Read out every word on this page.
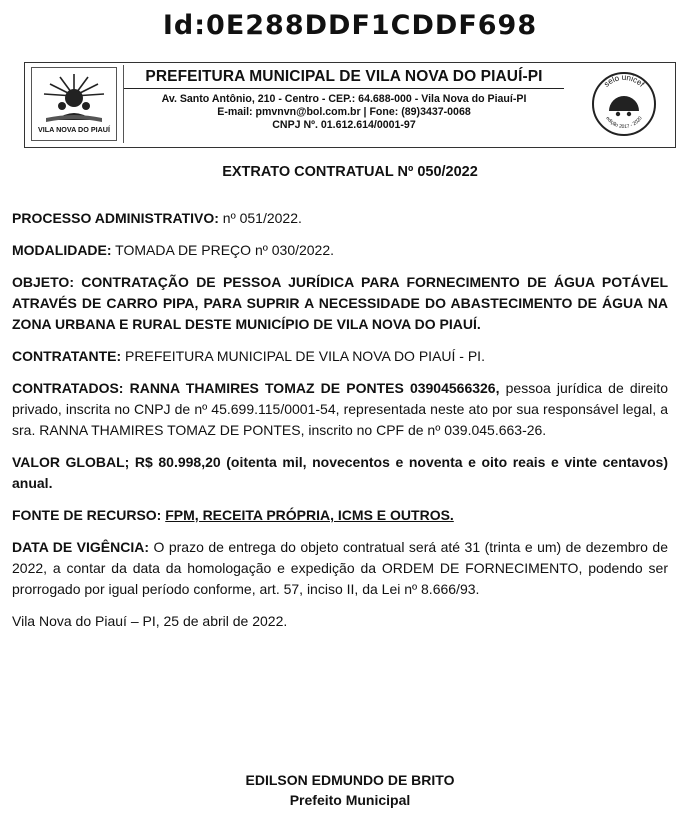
Id:0E288DDF1CDDF698
VILA NOVA DO PIAUÍ
PREFEITURA MUNICIPAL DE VILA NOVA DO PIAUÍ-PI
Av. Santo Antônio, 210 - Centro - CEP.: 64.688-000 - Vila Nova do Piauí-PI
E-mail: pmvnvn@bol.com.br | Fone: (89)3437-0068
CNPJ Nº. 01.612.614/0001-97
selo unicef
edição 2017 - 2020
EXTRATO CONTRATUAL Nº 050/2022

PROCESSO ADMINISTRATIVO: nº 051/2022.

MODALIDADE: TOMADA DE PREÇO nº 030/2022.

OBJETO: CONTRATAÇÃO DE PESSOA JURÍDICA PARA FORNECIMENTO DE ÁGUA POTÁVEL ATRAVÉS DE CARRO PIPA, PARA SUPRIR A NECESSIDADE DO ABASTECIMENTO DE ÁGUA NA ZONA URBANA E RURAL DESTE MUNICÍPIO DE VILA NOVA DO PIAUÍ.

CONTRATANTE: PREFEITURA MUNICIPAL DE VILA NOVA DO PIAUÍ - PI.

CONTRATADOS: RANNA THAMIRES TOMAZ DE PONTES 03904566326, pessoa jurídica de direito privado, inscrita no CNPJ de nº 45.699.115/0001-54, representada neste ato por sua responsável legal, a sra. RANNA THAMIRES TOMAZ DE PONTES, inscrito no CPF de nº 039.045.663-26.

VALOR GLOBAL; R$ 80.998,20 (oitenta mil, novecentos e noventa e oito reais e vinte centavos) anual.

FONTE DE RECURSO: FPM, RECEITA PRÓPRIA, ICMS E OUTROS.

DATA DE VIGÊNCIA: O prazo de entrega do objeto contratual será até 31 (trinta e um) de dezembro de 2022, a contar da data da homologação e expedição da ORDEM DE FORNECIMENTO, podendo ser prorrogado por igual período conforme, art. 57, inciso II, da Lei nº 8.666/93.

Vila Nova do Piauí – PI, 25 de abril de 2022.

EDILSON EDMUNDO DE BRITO
Prefeito Municipal
